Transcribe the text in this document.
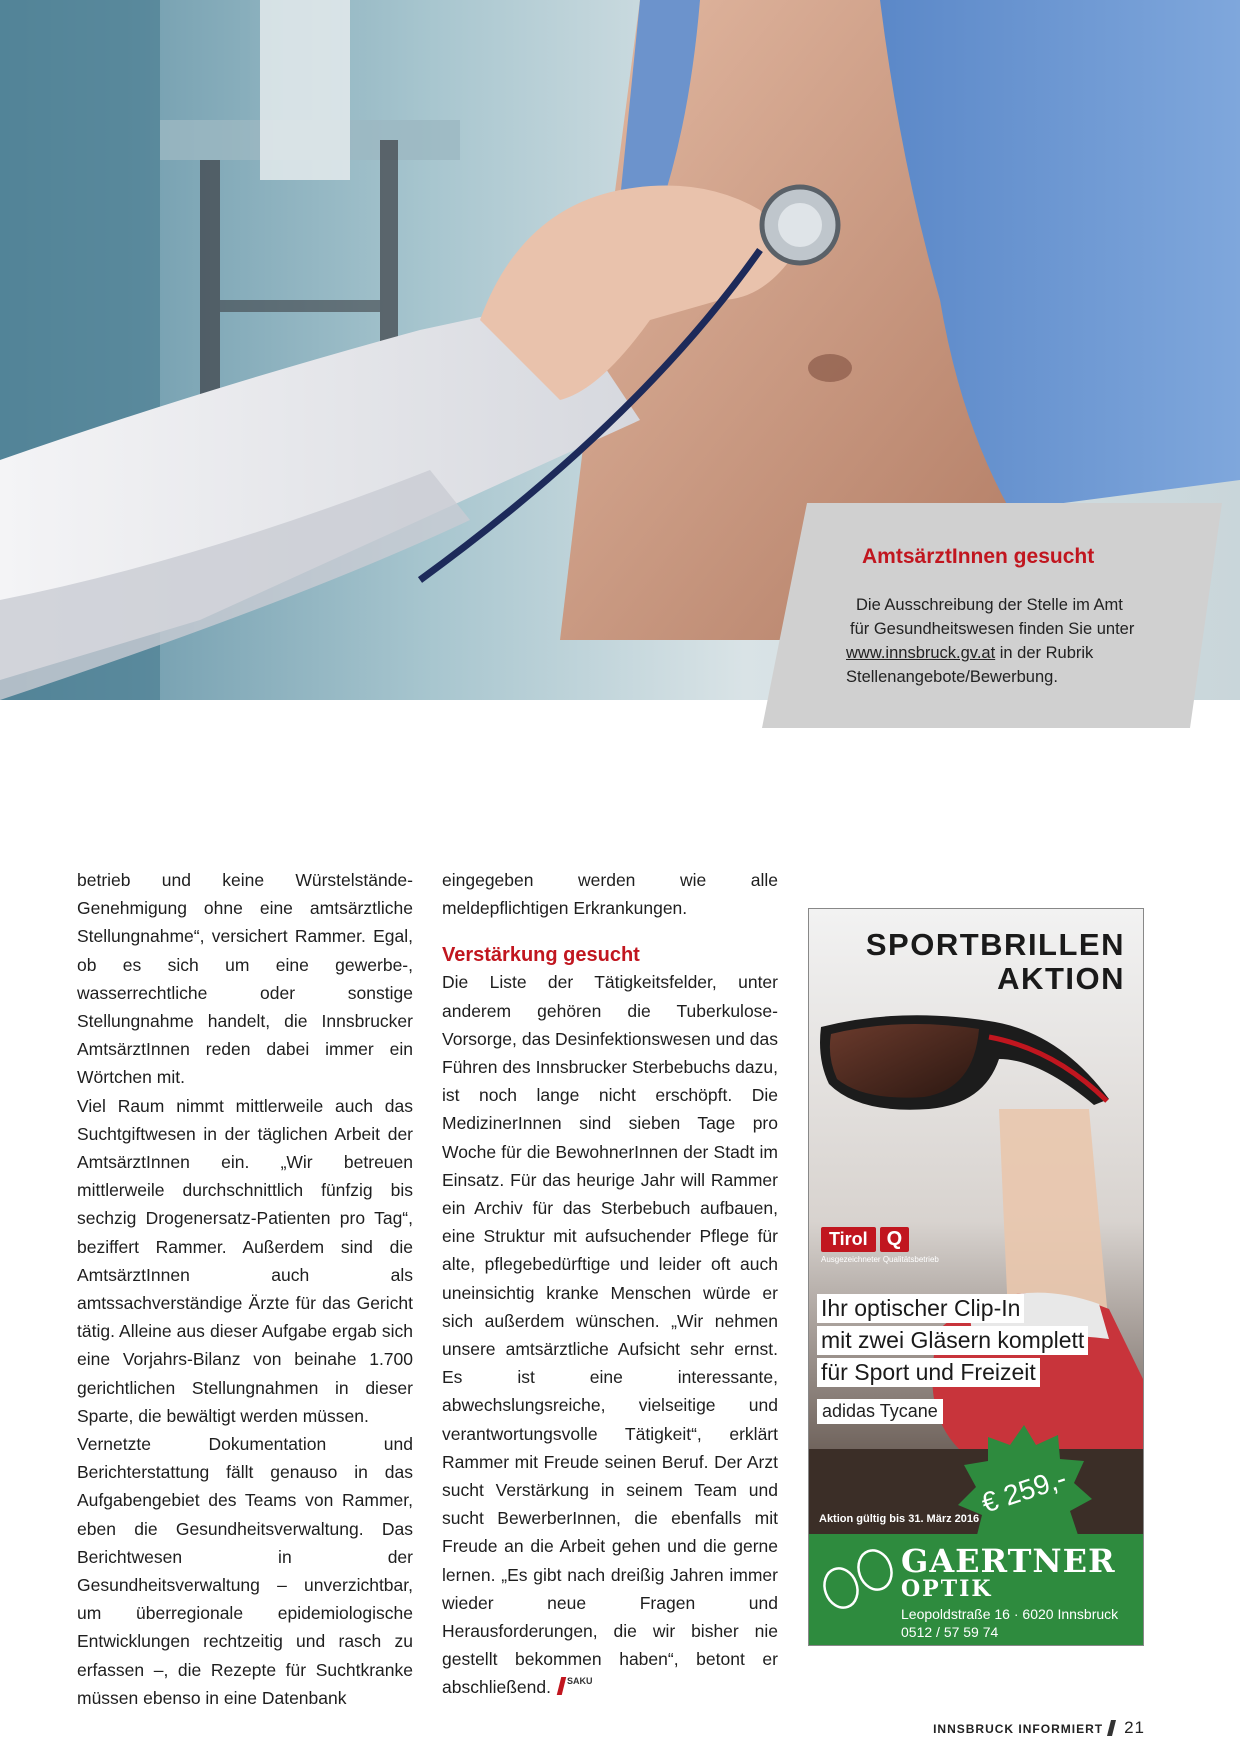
AmtsärztInnen gesucht
Die Ausschreibung der Stelle im Amt
für Gesundheitswesen finden Sie unter
www.innsbruck.gv.at in der Rubrik
Stellenangebote/Bewerbung.

betrieb und keine Würstelstände-Genehmigung ohne eine amtsärztliche Stellungnahme“, versichert Rammer. Egal, ob es sich um eine gewerbe-, wasserrechtliche oder sonstige Stellungnahme handelt, die Innsbrucker AmtsärztInnen reden dabei immer ein Wörtchen mit.

Viel Raum nimmt mittlerweile auch das Suchtgiftwesen in der täglichen Arbeit der AmtsärztInnen ein. „Wir betreuen mittlerweile durchschnittlich fünfzig bis sechzig Drogenersatz-Patienten pro Tag“, beziffert Rammer. Außerdem sind die AmtsärztInnen auch als amtssachverständige Ärzte für das Gericht tätig. Alleine aus dieser Aufgabe ergab sich eine Vorjahrs-Bilanz von beinahe 1.700 gerichtlichen Stellungnahmen in dieser Sparte, die bewältigt werden müssen.

Vernetzte Dokumentation und Berichterstattung fällt genauso in das Aufgabengebiet des Teams von Rammer, eben die Gesundheitsverwaltung. Das Berichtwesen in der Gesundheitsverwaltung – unverzichtbar, um überregionale epidemiologische Entwicklungen rechtzeitig und rasch zu erfassen –, die Rezepte für Suchtkranke müssen ebenso in eine Datenbank

eingegeben werden wie alle meldepflichtigen Erkrankungen.

Verstärkung gesucht

Die Liste der Tätigkeitsfelder, unter anderem gehören die Tuberkulose-Vorsorge, das Desinfektionswesen und das Führen des Innsbrucker Sterbebuchs dazu, ist noch lange nicht erschöpft. Die MedizinerInnen sind sieben Tage pro Woche für die BewohnerInnen der Stadt im Einsatz. Für das heurige Jahr will Rammer ein Archiv für das Sterbebuch aufbauen, eine Struktur mit aufsuchender Pflege für alte, pflegebedürftige und leider oft auch uneinsichtig kranke Menschen würde er sich außerdem wünschen. „Wir nehmen unsere amtsärztliche Aufsicht sehr ernst. Es ist eine interessante, abwechslungsreiche, vielseitige und verantwortungsvolle Tätigkeit“, erklärt Rammer mit Freude seinen Beruf. Der Arzt sucht Verstärkung in seinem Team und sucht BewerberInnen, die ebenfalls mit Freude an die Arbeit gehen und die gerne lernen. „Es gibt nach dreißig Jahren immer wieder neue Fragen und Herausforderungen, die wir bisher nie gestellt bekommen haben“, betont er abschließend. $^{SAKU}$

SPORTBRILLEN
AKTION
Tirol Q
Ausgezeichneter Qualitätsbetrieb
Ihr optischer Clip-In
mit zwei Gläsern komplett
für Sport und Freizeit
adidas Tycane
€ 259,-
Aktion gültig bis 31. März 2016
GAERTNER
OPTIK
Leopoldstraße 16 · 6020 Innsbruck
0512 / 57 59 74
INNSBRUCK INFORMIERT 21
